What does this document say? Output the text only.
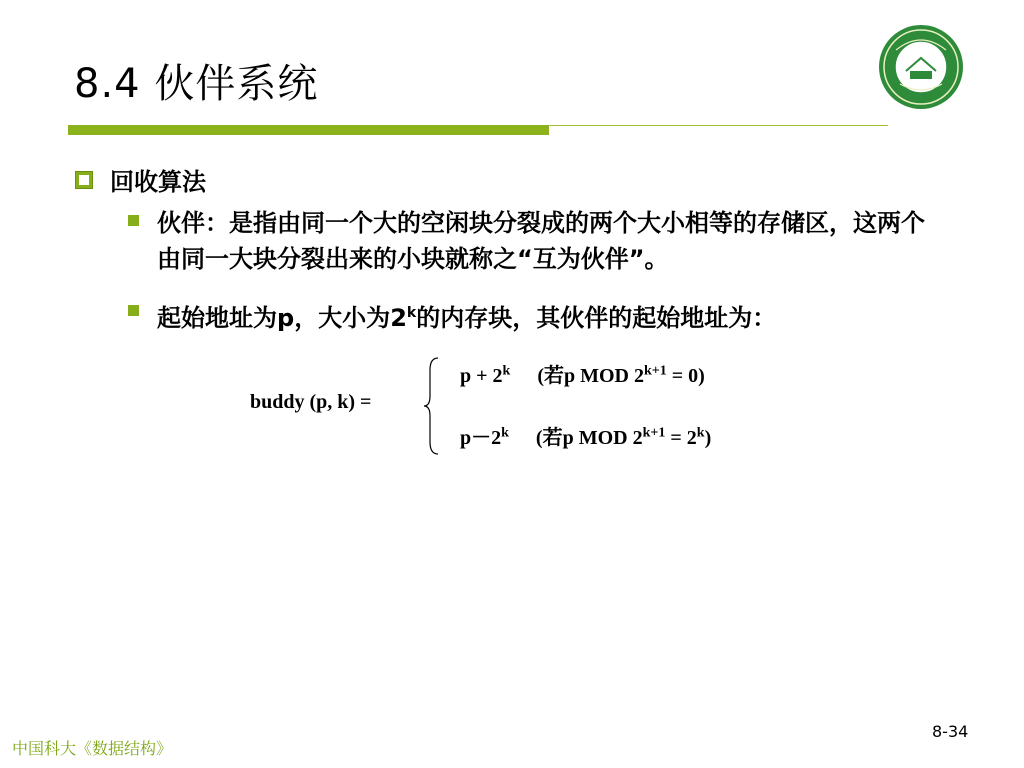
8.4 伙伴系统
回收算法
伙伴：是指由同一个大的空闲块分裂成的两个大小相等的存储区，这两个由同一大块分裂出来的小块就称之“互为伙伴”。
起始地址为p，大小为2$^k$的内存块，其伙伴的起始地址为：
buddy (p, k) =
$p + 2^k$ (若p MOD $2^{k+1} = 0$)
$p-2^k$ (若p MOD $2^{k+1} = 2^k$)
8-34
中国科大《数据结构》
